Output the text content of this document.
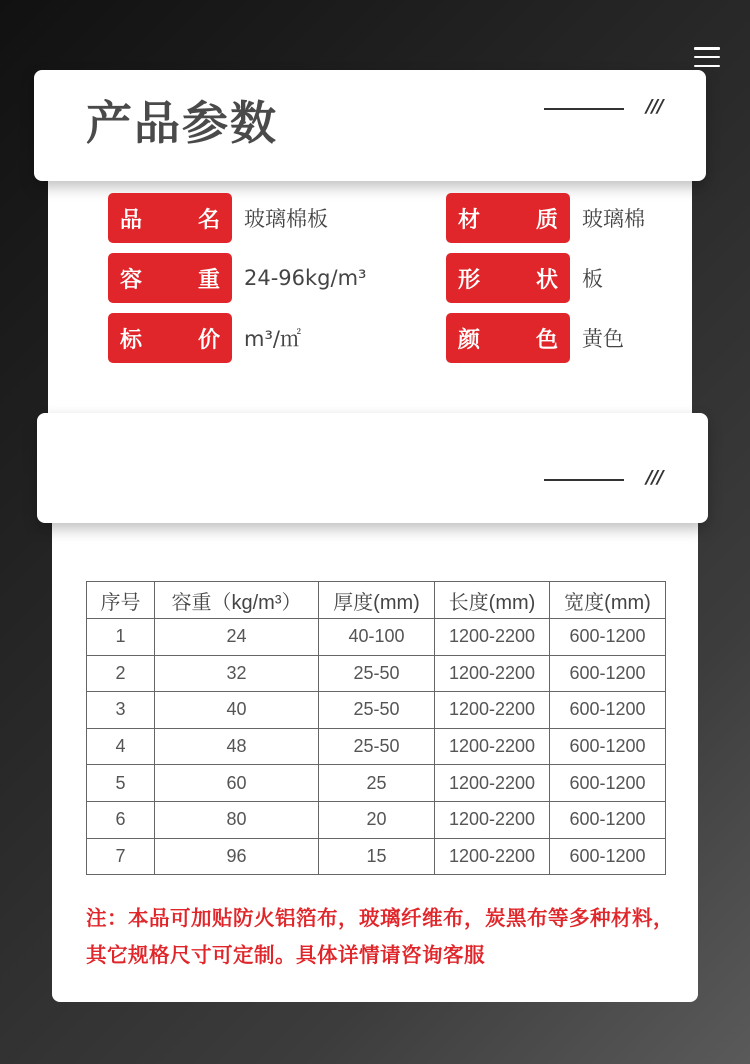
产品参数	///
品	名 玻璃棉板	材	质 玻璃棉
容	重 24-96kg/m³	形	状 板
标	价 m³/㎡	颜	色 黄色
///
序号	容重（kg/m³）	厚度(mm)	长度(mm)	宽度(mm)
1	24	40-100	1200-2200	600-1200
2	32	25-50	1200-2200	600-1200
3	40	25-50	1200-2200	600-1200
4	48	25-50	1200-2200	600-1200
5	60	25	1200-2200	600-1200
6	80	20	1200-2200	600-1200
7	96	15	1200-2200	600-1200
注：本品可加贴防火铝箔布，玻璃纤维布，炭黑布等多种材料，其它规格尺寸可定制。具体详情请咨询客服
